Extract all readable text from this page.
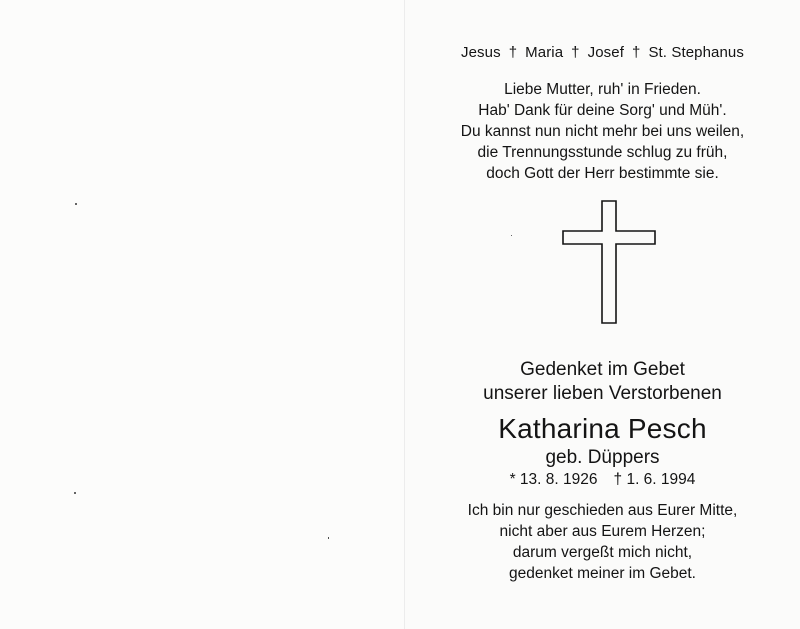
Jesus † Maria † Josef † St. Stephanus
Liebe Mutter, ruh' in Frieden.
Hab' Dank für deine Sorg' und Müh'.
Du kannst nun nicht mehr bei uns weilen,
die Trennungsstunde schlug zu früh,
doch Gott der Herr bestimmte sie.
Gedenket im Gebet
unserer lieben Verstorbenen
Katharina Pesch
geb. Düppers
* 13. 8. 1926 † 1. 6. 1994
Ich bin nur geschieden aus Eurer Mitte,
nicht aber aus Eurem Herzen;
darum vergeßt mich nicht,
gedenket meiner im Gebet.
